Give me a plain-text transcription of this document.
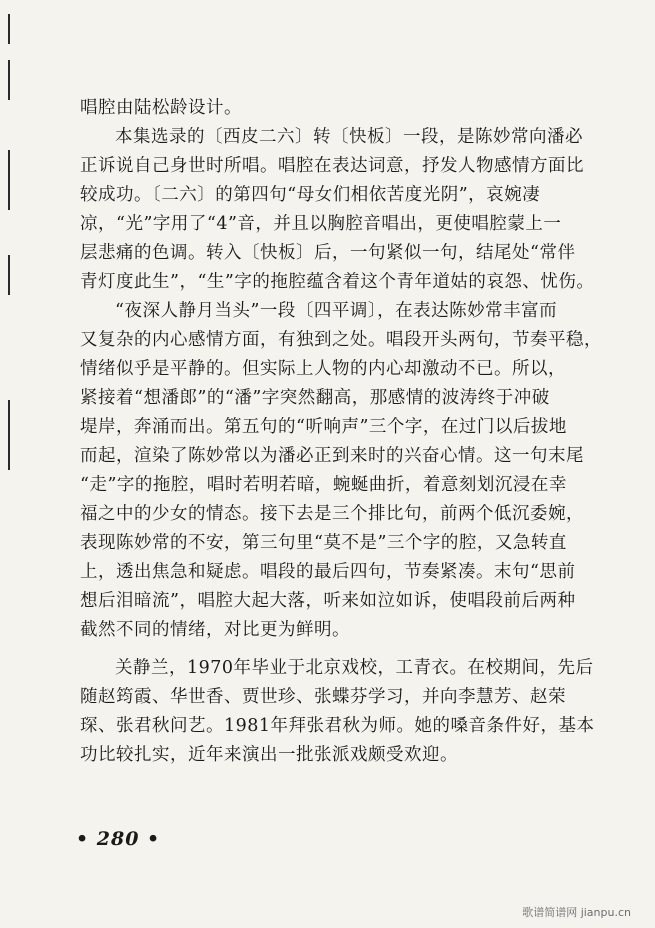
唱腔由陆松龄设计。
本集选录的〔西皮二六〕转〔快板〕一段，是陈妙常向潘必
正诉说自己身世时所唱。唱腔在表达词意，抒发人物感情方面比
较成功。〔二六〕的第四句“母女们相依苦度光阴”，哀婉凄
凉，“光”字用了“4”音，并且以胸腔音唱出，更使唱腔蒙上一
层悲痛的色调。转入〔快板〕后，一句紧似一句，结尾处“常伴
青灯度此生”，“生”字的拖腔蕴含着这个青年道姑的哀怨、忧伤。
“夜深人静月当头”一段〔四平调〕，在表达陈妙常丰富而
又复杂的内心感情方面，有独到之处。唱段开头两句，节奏平稳，
情绪似乎是平静的。但实际上人物的内心却激动不已。所以，
紧接着“想潘郎”的“潘”字突然翻高，那感情的波涛终于冲破
堤岸，奔涌而出。第五句的“听响声”三个字，在过门以后拔地
而起，渲染了陈妙常以为潘必正到来时的兴奋心情。这一句末尾
“走”字的拖腔，唱时若明若暗，蜿蜒曲折，着意刻划沉浸在幸
福之中的少女的情态。接下去是三个排比句，前两个低沉委婉，
表现陈妙常的不安，第三句里“莫不是”三个字的腔，又急转直
上，透出焦急和疑虑。唱段的最后四句，节奏紧凑。末句“思前
想后泪暗流”，唱腔大起大落，听来如泣如诉，使唱段前后两种
截然不同的情绪，对比更为鲜明。
关静兰，1970年毕业于北京戏校，工青衣。在校期间，先后
随赵筠霞、华世香、贾世珍、张蝶芬学习，并向李慧芳、赵荣
琛、张君秋问艺。1981年拜张君秋为师。她的嗓音条件好，基本
功比较扎实，近年来演出一批张派戏颇受欢迎。
• 280 •
歌谱简谱网 jianpu.cn
